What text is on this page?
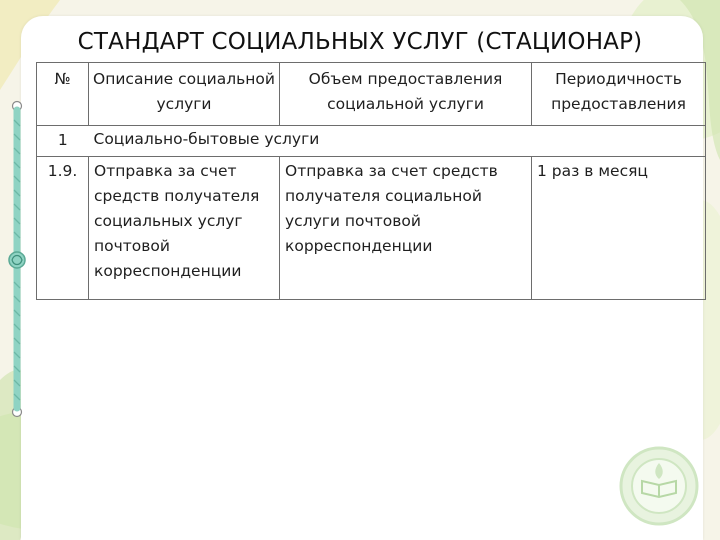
СТАНДАРТ СОЦИАЛЬНЫХ УСЛУГ (СТАЦИОНАР)
№	Описание социальной услуги	Объем предоставления социальной услуги	Периодичность предоставления
1	Социально-бытовые услуги		
1.9.	Отправка за счет средств получателя социальных услуг почтовой корреспонденции	Отправка за счет средств получателя социальной услуги почтовой корреспонденции	1 раз в месяц
